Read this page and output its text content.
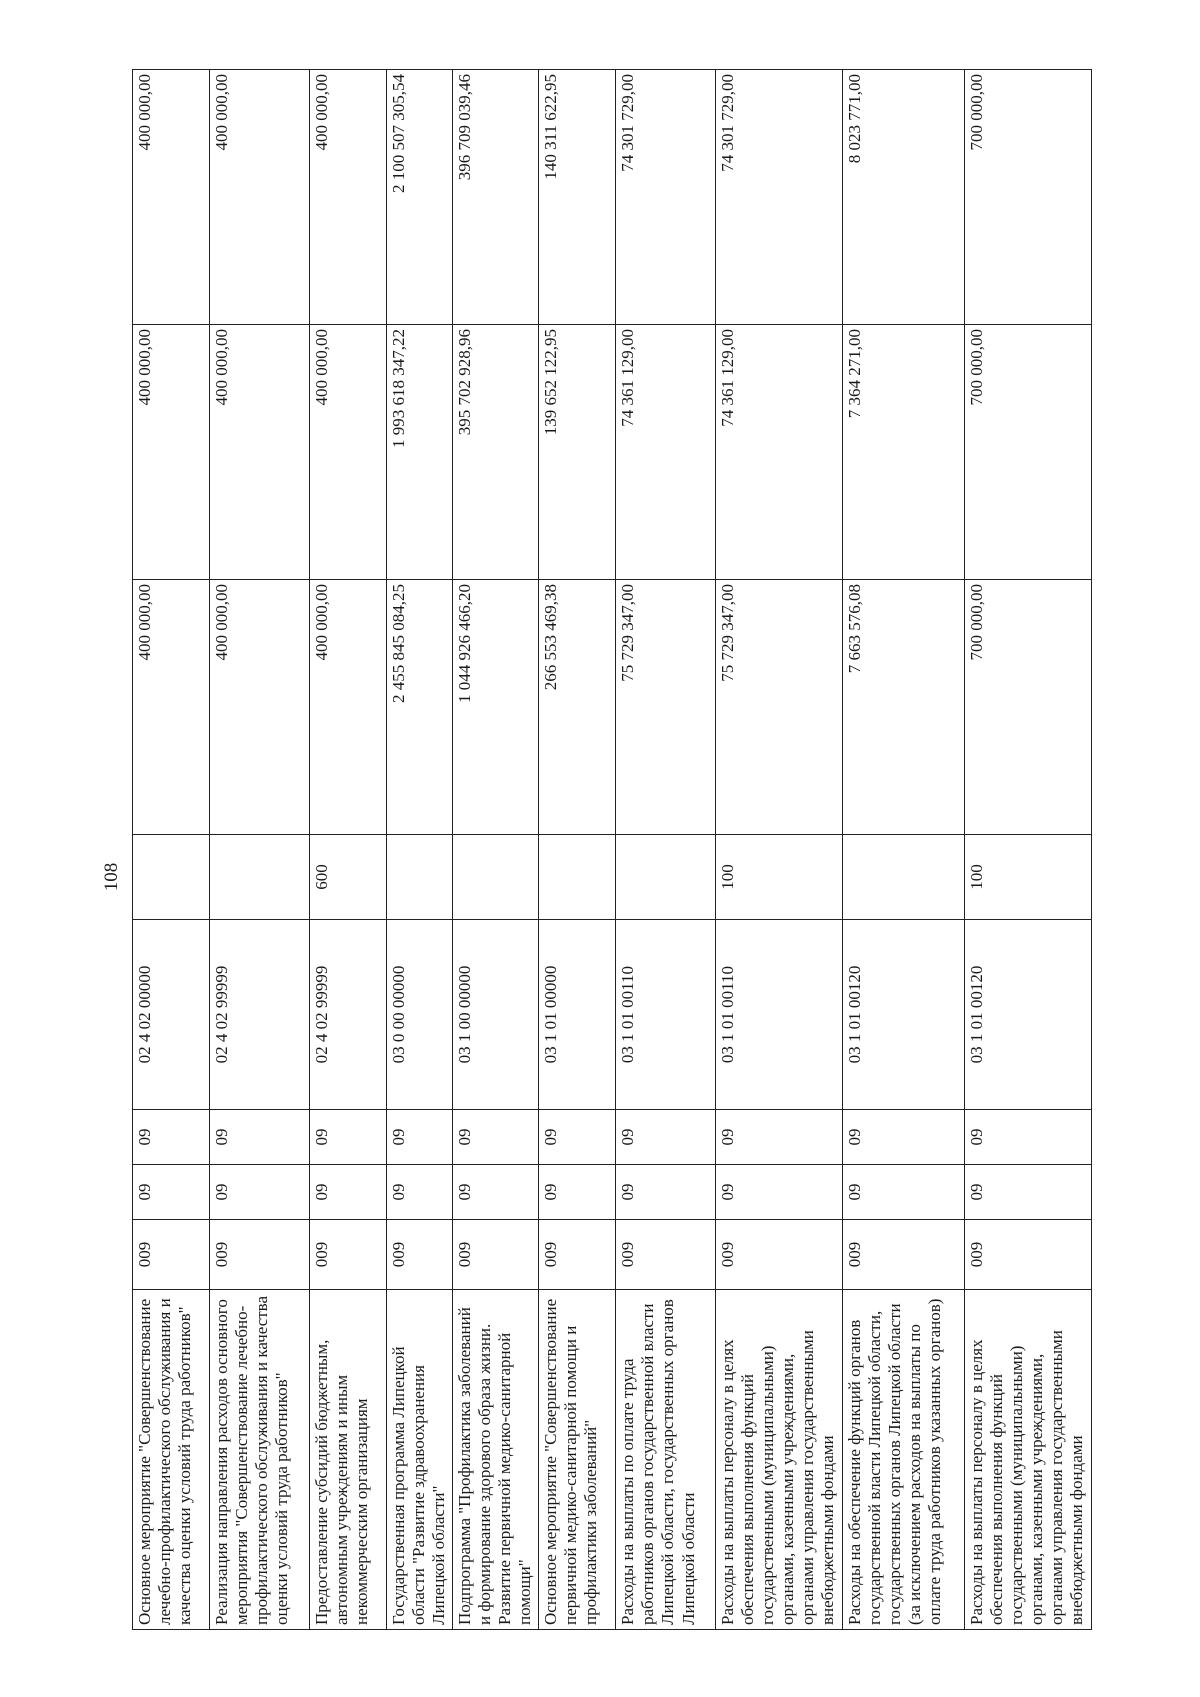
108
Основное мероприятие "Совершенствование лечебно-профилактического обслуживания и качества оценки условий труда работников"	009	09	09	02 4 02 00000		400 000,00	400 000,00	400 000,00
Реализация направления расходов основного мероприятия "Совершенствование лечебно-профилактического обслуживания и качества оценки условий труда работников"	009	09	09	02 4 02 99999		400 000,00	400 000,00	400 000,00
Предоставление субсидий бюджетным, автономным учреждениям и иным некоммерческим организациям	009	09	09	02 4 02 99999	600	400 000,00	400 000,00	400 000,00
Государственная программа Липецкой области "Развитие здравоохранения Липецкой области"	009	09	09	03 0 00 00000		2 455 845 084,25	1 993 618 347,22	2 100 507 305,54
Подпрограмма "Профилактика заболеваний и формирование здорового образа жизни. Развитие первичной медико-санитарной помощи"	009	09	09	03 1 00 00000		1 044 926 466,20	395 702 928,96	396 709 039,46
Основное мероприятие "Совершенствование первичной медико-санитарной помощи и профилактики заболеваний"	009	09	09	03 1 01 00000		266 553 469,38	139 652 122,95	140 311 622,95
Расходы на выплаты по оплате труда работников органов государственной власти Липецкой области, государственных органов Липецкой области	009	09	09	03 1 01 00110		75 729 347,00	74 361 129,00	74 301 729,00
Расходы на выплаты персоналу в целях обеспечения выполнения функций государственными (муниципальными) органами, казенными учреждениями, органами управления государственными внебюджетными фондами	009	09	09	03 1 01 00110	100	75 729 347,00	74 361 129,00	74 301 729,00
Расходы на обеспечение функций органов государственной власти Липецкой области, государственных органов Липецкой области (за исключением расходов на выплаты по оплате труда работников указанных органов)	009	09	09	03 1 01 00120		7 663 576,08	7 364 271,00	8 023 771,00
Расходы на выплаты персоналу в целях обеспечения выполнения функций государственными (муниципальными) органами, казенными учреждениями, органами управления государственными внебюджетными фондами	009	09	09	03 1 01 00120	100	700 000,00	700 000,00	700 000,00
